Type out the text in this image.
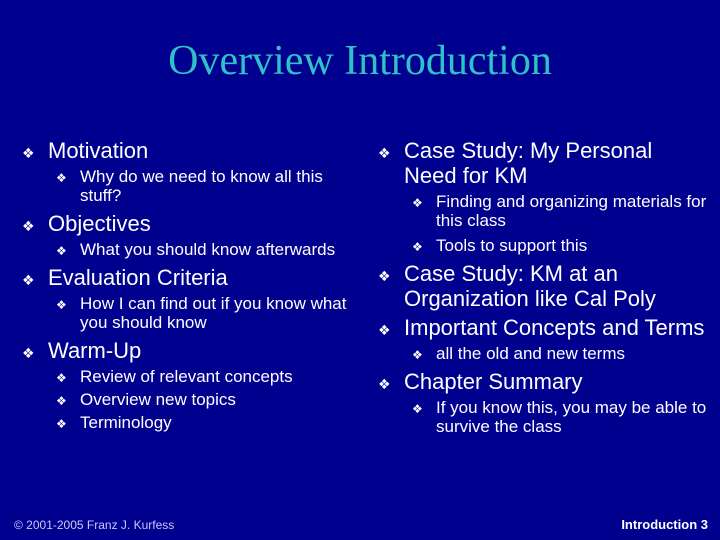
Overview Introduction
❖ Motivation
❖ Why do we need to know all this stuff?
❖ Objectives
❖ What you should know afterwards
❖ Evaluation Criteria
❖ How I can find out if you know what you should know
❖ Warm-Up
❖ Review of relevant concepts
❖ Overview new topics
❖ Terminology
❖ Case Study: My Personal Need for KM
❖ Finding and organizing materials for this class
❖ Tools to support this
❖ Case Study: KM at an Organization like Cal Poly
❖ Important Concepts and Terms
❖ all the old and new terms
❖ Chapter Summary
❖ If you know this, you may be able to survive the class
© 2001-2005 Franz J. Kurfess	Introduction 3
